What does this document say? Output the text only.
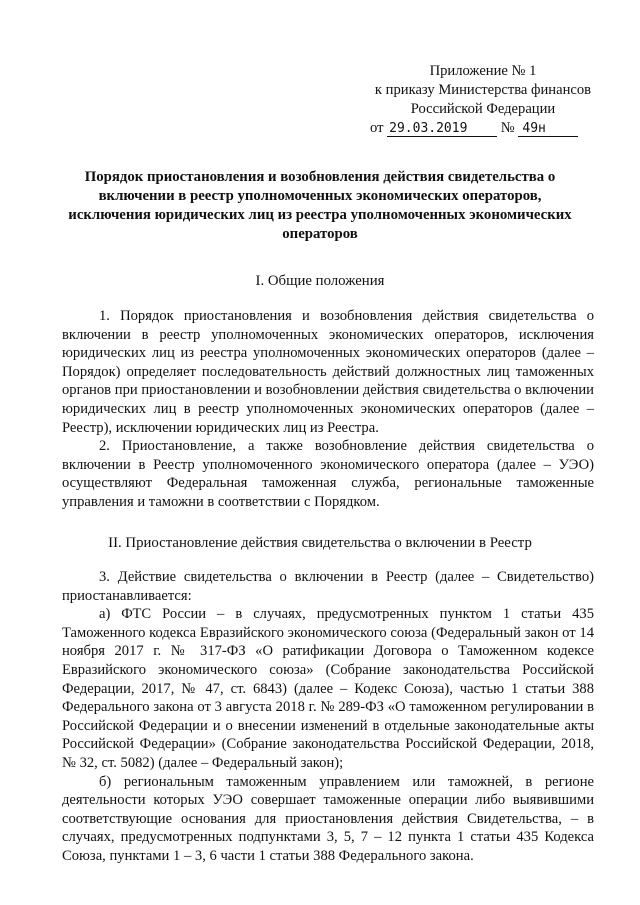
Приложение № 1
к приказу Министерства финансов
Российской Федерации
от 29.03.2019 № 49н
Порядок приостановления и возобновления действия свидетельства о
включении в реестр уполномоченных экономических операторов,
исключения юридических лиц из реестра уполномоченных экономических
операторов
I. Общие положения

1. Порядок приостановления и возобновления действия свидетельства о включении в реестр уполномоченных экономических операторов, исключения юридических лиц из реестра уполномоченных экономических операторов (далее – Порядок) определяет последовательность действий должностных лиц таможенных органов при приостановлении и возобновлении действия свидетельства о включении юридических лиц в реестр уполномоченных экономических операторов (далее – Реестр), исключении юридических лиц из Реестра.

2. Приостановление, а также возобновление действия свидетельства о включении в Реестр уполномоченного экономического оператора (далее – УЭО) осуществляют Федеральная таможенная служба, региональные таможенные управления и таможни в соответствии с Порядком.

II. Приостановление действия свидетельства о включении в Реестр

3. Действие свидетельства о включении в Реестр (далее – Свидетельство) приостанавливается:

а) ФТС России – в случаях, предусмотренных пунктом 1 статьи 435 Таможенного кодекса Евразийского экономического союза (Федеральный закон от 14 ноября 2017 г. № 317-ФЗ «О ратификации Договора о Таможенном кодексе Евразийского экономического союза» (Собрание законодательства Российской Федерации, 2017, № 47, ст. 6843) (далее – Кодекс Союза), частью 1 статьи 388 Федерального закона от 3 августа 2018 г. № 289-ФЗ «О таможенном регулировании в Российской Федерации и о внесении изменений в отдельные законодательные акты Российской Федерации» (Собрание законодательства Российской Федерации, 2018, № 32, ст. 5082) (далее – Федеральный закон);

б) региональным таможенным управлением или таможней, в регионе деятельности которых УЭО совершает таможенные операции либо выявившими соответствующие основания для приостановления действия Свидетельства, – в случаях, предусмотренных подпунктами 3, 5, 7 – 12 пункта 1 статьи 435 Кодекса Союза, пунктами 1 – 3, 6 части 1 статьи 388 Федерального закона.
